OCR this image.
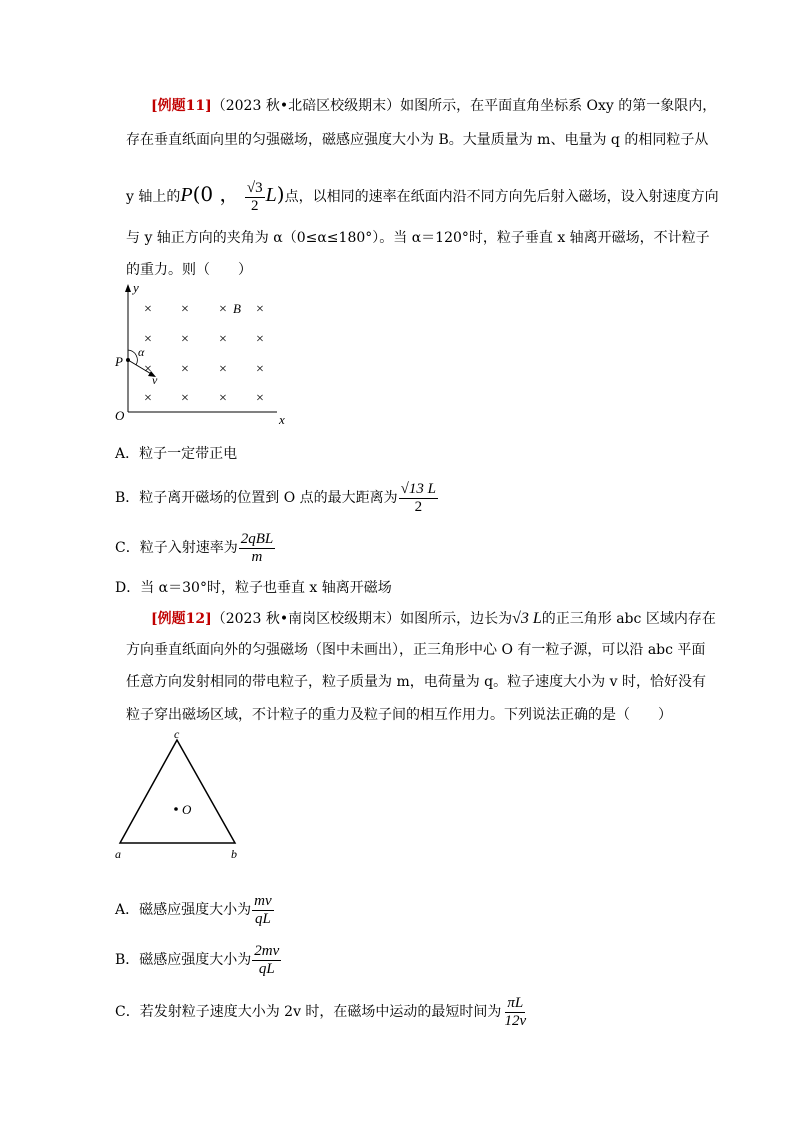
[例题11]（2023 秋•北碚区校级期末）如图所示，在平面直角坐标系 Oxy 的第一象限内，
存在垂直纸面向里的匀强磁场，磁感应强度大小为 B。大量质量为 m、电量为 q 的相同粒子从
y 轴上的P(0 ， $\frac{√3}{2} L$)点，以相同的速率在纸面内沿不同方向先后射入磁场，设入射速度方向
与 y 轴正方向的夹角为 α（0≤α≤180°）。当 α＝120°时，粒子垂直 x 轴离开磁场，不计粒子
的重力。则（　　）
y
x
O
P
α
v
× × × ×
× × × ×
× × × ×
× × × ×
B
A．粒子一定带正电
B．粒子离开磁场的位置到 O 点的最大距离为 $\frac{√13 L}{2}$
C．粒子入射速率为 $\frac{\text{2qBL}}{m}$
D．当 α＝30°时，粒子也垂直 x 轴离开磁场
[例题12]（2023 秋•南岗区校级期末）如图所示，边长为√3 L的正三角形 abc 区域内存在
方向垂直纸面向外的匀强磁场（图中未画出），正三角形中心 O 有一粒子源，可以沿 abc 平面
任意方向发射相同的带电粒子，粒子质量为 m，电荷量为 q。粒子速度大小为 v 时，恰好没有
粒子穿出磁场区域，不计粒子的重力及粒子间的相互作用力。下列说法正确的是（　　）
c
a	b
O
A．磁感应强度大小为 $\frac{mv}{qL}$
B．磁感应强度大小为 $\frac{2mv}{qL}$
C．若发射粒子速度大小为 2v 时，在磁场中运动的最短时间为 $\frac{\pi L}{12v}$
